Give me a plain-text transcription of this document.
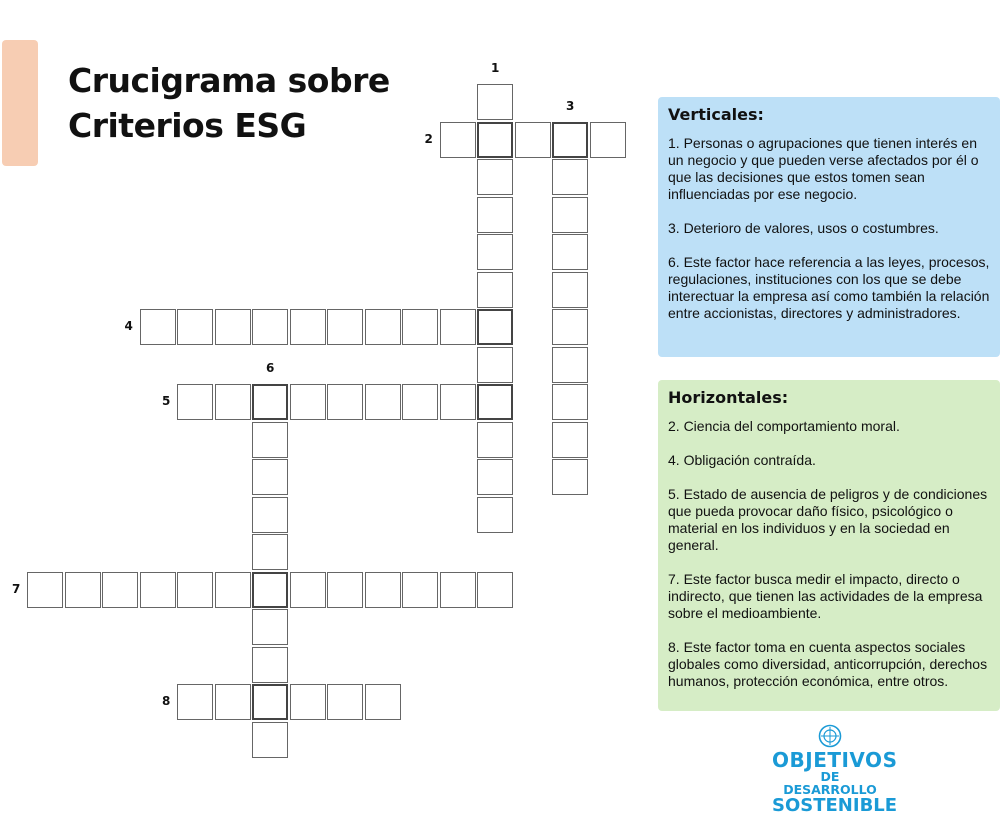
Crucigrama sobre
Criterios ESG
1
2
3
4
5
6
7
8
Verticales:
1. Personas o agrupaciones que tienen interés en un negocio y que pueden verse afectados por él o que las decisiones que estos tomen sean influenciadas por ese negocio.
3. Deterioro de valores, usos o costumbres.
6. Este factor hace referencia a las leyes, procesos, regulaciones, instituciones con los que se debe interectuar la empresa así como también la relación entre accionistas, directores y administradores.
Horizontales:
2. Ciencia del comportamiento moral.
4. Obligación contraída.
5. Estado de ausencia de peligros y de condiciones que pueda provocar daño físico, psicológico o material en los individuos y en la sociedad en general.
7. Este factor busca medir el impacto, directo o indirecto, que tienen las actividades de la empresa sobre el medioambiente.
8. Este factor toma en cuenta aspectos sociales globales como diversidad, anticorrupción, derechos humanos, protección económica, entre otros.
OBJETIVOS
DE DESARROLLO
SOSTENIBLE
